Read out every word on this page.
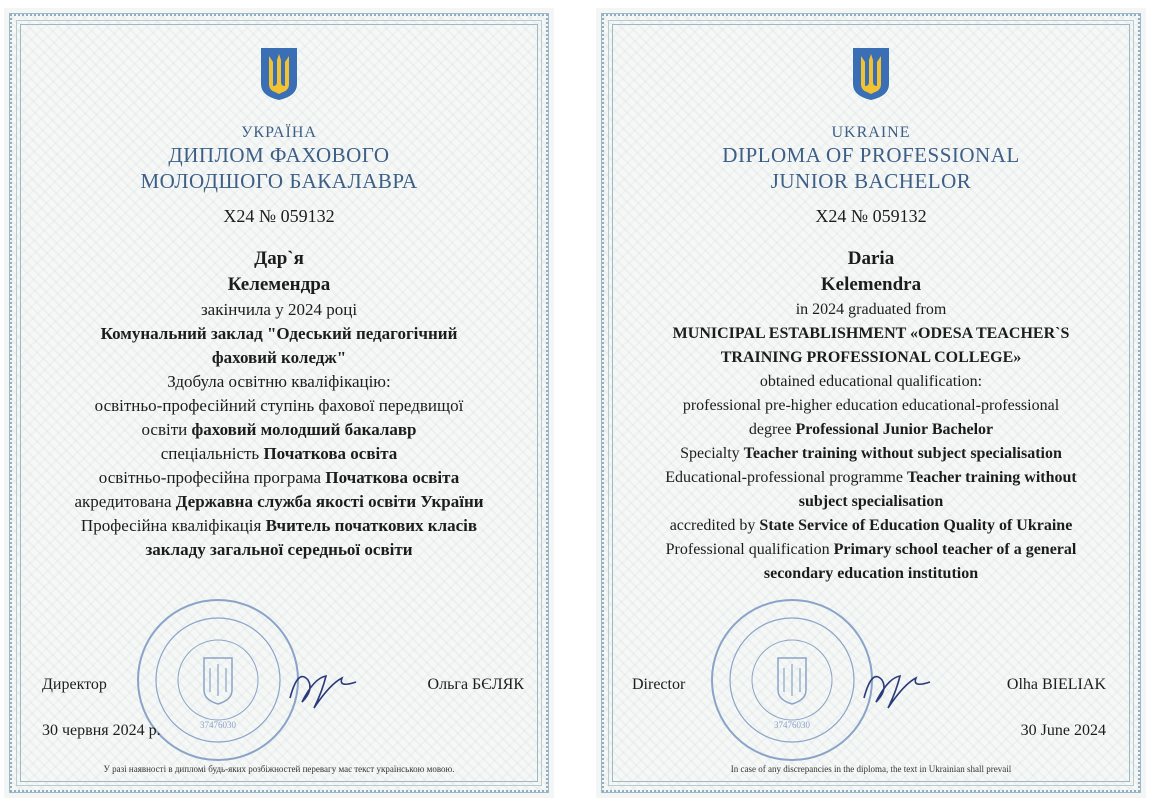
УКРАЇНА
ДИПЛОМ ФАХОВОГО
МОЛОДШОГО БАКАЛАВРА
Х24 № 059132
Дар`я
Келемендра
закінчила у 2024 році
Комунальний заклад "Одеський педагогічний
фаховий коледж"
Здобула освітню кваліфікацію:
освітньо-професійний ступінь фахової передвищої
освіти фаховий молодший бакалавр
спеціальність Початкова освіта
освітньо-професійна програма Початкова освіта
акредитована Державна служба якості освіти України
Професійна кваліфікація Вчитель початкових класів
закладу загальної середньої освіти
37476030
Директор	Ольга БЄЛЯК
30 червня 2024 р.
У разі наявності в дипломі будь-яких розбіжностей перевагу має текст українською мовою.
UKRAINE
DIPLOMA OF PROFESSIONAL
JUNIOR BACHELOR
Х24 № 059132
Daria
Kelemendra
in 2024 graduated from
MUNICIPAL ESTABLISHMENT «ODESA TEACHER`S
TRAINING PROFESSIONAL COLLEGE»
obtained educational qualification:
professional pre-higher education educational-professional
degree Professional Junior Bachelor
Specialty Teacher training without subject specialisation
Educational-professional programme Teacher training without
subject specialisation
accredited by State Service of Education Quality of Ukraine
Professional qualification Primary school teacher of a general
secondary education institution
37476030
Director	Olha BIELIAK
30 June 2024
In case of any discrepancies in the diploma, the text in Ukrainian shall prevail
